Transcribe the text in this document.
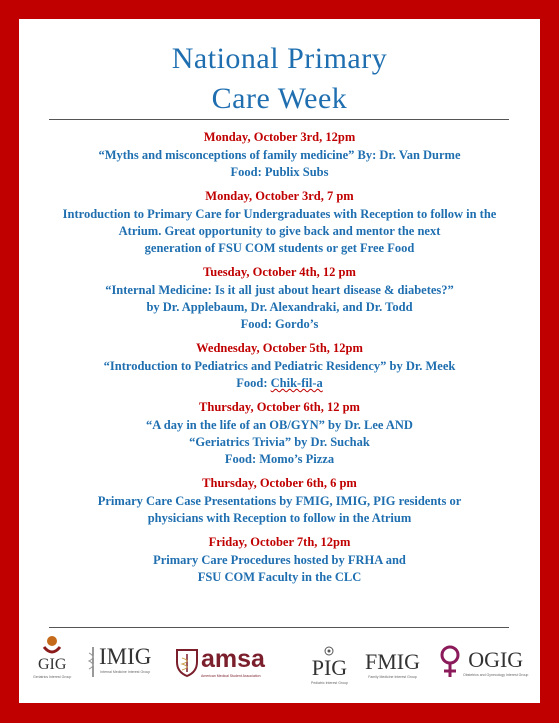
National Primary
Care Week
Monday, October 3rd, 12pm
“Myths and misconceptions of family medicine” By: Dr. Van Durme
Food: Publix Subs
Monday, October 3rd, 7 pm
Introduction to Primary Care for Undergraduates with Reception to follow in the
Atrium. Great opportunity to give back and mentor the next
generation of FSU COM students or get Free Food
Tuesday, October 4th, 12 pm
“Internal Medicine: Is it all just about heart disease & diabetes?”
by Dr. Applebaum, Dr. Alexandraki, and Dr. Todd
Food: Gordo’s
Wednesday, October 5th, 12pm
“Introduction to Pediatrics and Pediatric Residency” by Dr. Meek
Food: Chik-fil-a
Thursday, October 6th, 12 pm
“A day in the life of an OB/GYN” by Dr. Lee AND
“Geriatrics Trivia” by Dr. Suchak
Food: Momo’s Pizza
Thursday, October 6th, 6 pm
Primary Care Case Presentations by FMIG, IMIG, PIG residents or
physicians with Reception to follow in the Atrium
Friday, October 7th, 12pm
Primary Care Procedures hosted by FRHA and
FSU COM Faculty in the CLC
GIG
Geriatrics Interest Group
IMIG
Internal Medicine Interest Group amsa
American Medical Student Association PIG
Pediatric Interest Group
FMIG
Family Medicine Interest Group
OGIG
Obstetrics and Gynecology Interest Group
